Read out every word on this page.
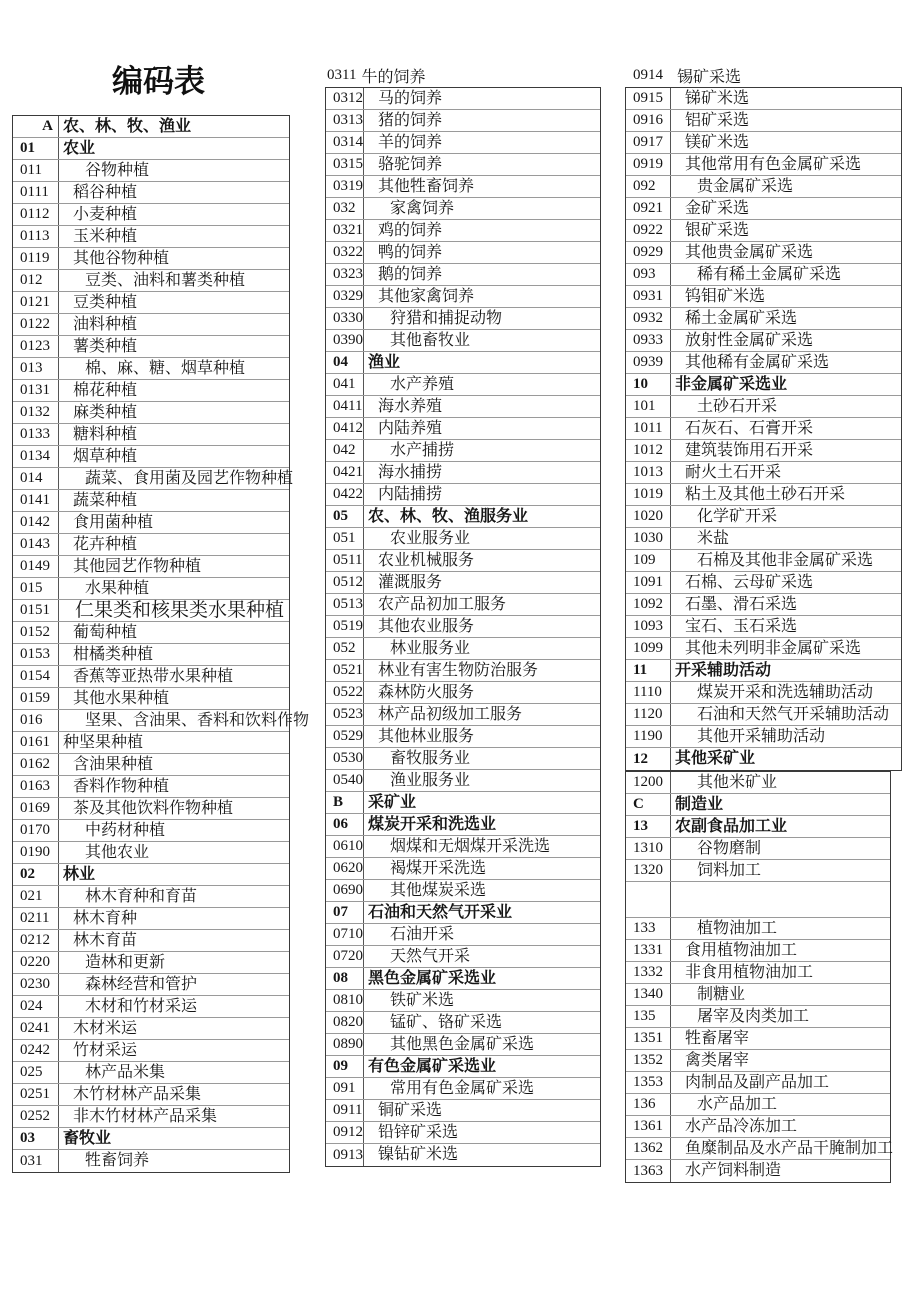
编码表
A 农、林、牧、渔业
01	农业
011	谷物种植
0111	稻谷种植
0112	小麦种植
0113	玉米种植
0119	其他谷物种植
012	豆类、油料和薯类种植
0121	豆类种植
0122	油料种植
0123	薯类种植
013	棉、麻、糖、烟草种植
0131	棉花种植
0132	麻类种植
0133	糖料种植
0134	烟草种植
014	蔬菜、食用菌及园艺作物种植
0141	蔬菜种植
0142	食用菌种植
0143	花卉种植
0149	其他园艺作物种植
015	水果种植
0151	仁果类和核果类水果种植
0152	葡萄种植
0153	柑橘类种植
0154	香蕉等亚热带水果种植
0159	其他水果种植
016	坚果、含油果、香料和饮料作物
0161 种坚果种植
0162	含油果种植
0163	香料作物种植
0169	茶及其他饮料作物种植
0170	中药材种植
0190	其他农业
02	林业
021	林木育种和育苗
0211	林木育种
0212	林木育苗
0220	造林和更新
0230	森林经营和管护
024	木材和竹材采运
0241	木材米运
0242	竹材采运
025	林产品米集
0251	木竹材林产品采集
0252	非木竹材林产品采集
03	畜牧业
031	牲畜饲养
0311 牛的饲养
0312 马的饲养
0313 猪的饲养
0314 羊的饲养
0315 骆驼饲养
0319 其他牲畜饲养
032	家禽饲养
0321 鸡的饲养
0322 鸭的饲养
0323 鹅的饲养
0329 其他家禽饲养
0330	狩猎和捕捉动物
0390	其他畜牧业
04	渔业
041	水产养殖
0411 海水养殖
0412 内陆养殖
042	水产捕捞
0421 海水捕捞
0422 内陆捕捞
05	农、林、牧、渔服务业
051	农业服务业
0511 农业机械服务
0512 灌溉服务
0513 农产品初加工服务
0519 其他农业服务
052	林业服务业
0521 林业有害生物防治服务
0522 森林防火服务
0523 林产品初级加工服务
0529 其他林业服务
0530	畜牧服务业
0540	渔业服务业
B	采矿业
06	煤炭开采和洗选业
0610	烟煤和无烟煤开采洗选
0620	褐煤开采洗选
0690	其他煤炭采选
07	石油和天然气开采业
0710	石油开采
0720	天然气开采
08	黑色金属矿采选业
0810	铁矿米选
0820	锰矿、铬矿采选
0890	其他黑色金属矿采选
09	有色金属矿采选业
091	常用有色金属矿采选
0911 铜矿采选
0912 铅锌矿采选
0913 镍钻矿米选
0914 锡矿采选
0915	锑矿米选
0916	铝矿采选
0917	镁矿米选
0919	其他常用有色金属矿采选
092	贵金属矿采选
0921	金矿采选
0922	银矿采选
0929	其他贵金属矿采选
093	稀有稀土金属矿采选
0931	钨钼矿米选
0932	稀土金属矿采选
0933	放射性金属矿采选
0939	其他稀有金属矿采选
10	非金属矿采选业
101	土砂石开采
1011	石灰石、石膏开采
1012	建筑装饰用石开采
1013	耐火土石开采
1019	粘土及其他土砂石开采
1020	化学矿开采
1030	米盐
109	石棉及其他非金属矿采选
1091	石棉、云母矿采选
1092	石墨、滑石采选
1093	宝石、玉石采选
1099	其他未列明非金属矿采选
11	开采辅助活动
1110	煤炭开采和洗选辅助活动
1120	石油和天然气开采辅助活动
1190	其他开采辅助活动
12	其他采矿业
1200	其他米矿业
C	制造业
13	农副食品加工业
1310	谷物磨制
1320	饲料加工
133	植物油加工
1331	食用植物油加工
1332	非食用植物油加工
1340	制糖业
135	屠宰及肉类加工
1351	牲畜屠宰
1352	禽类屠宰
1353	肉制品及副产品加工
136	水产品加工
1361	水产品冷冻加工
1362	鱼糜制品及水产品干腌制加工
1363	水产饲料制造
